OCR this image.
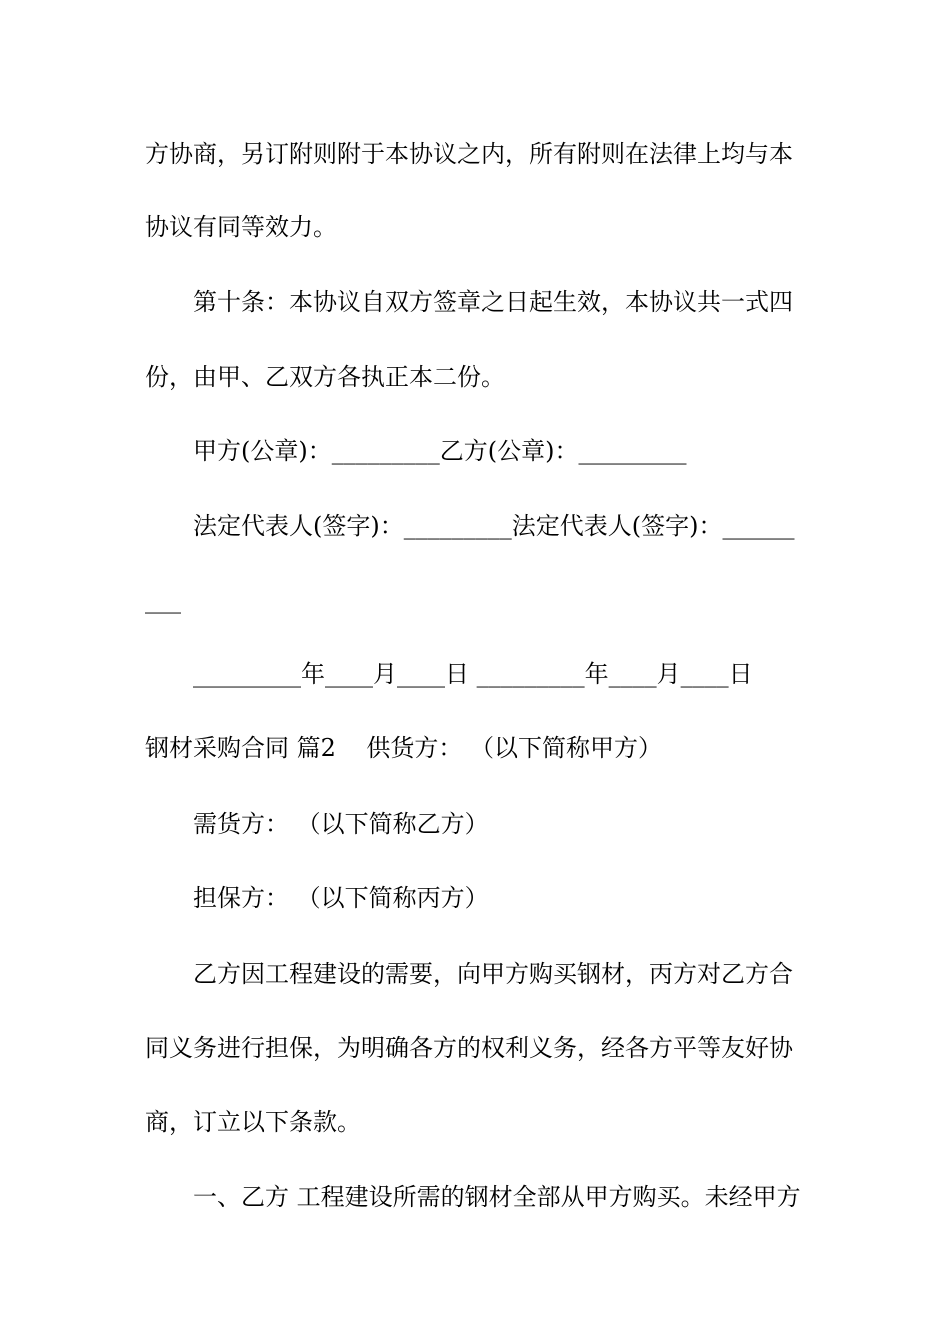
方协商，另订附则附于本协议之内，所有附则在法律上均与本
协议有同等效力。
第十条：本协议自双方签章之日起生效，本协议共一式四
份，由甲、乙双方各执正本二份。
甲方(公章)：_________乙方(公章)：_________
法定代表人(签字)：_________法定代表人(签字)：______
___
_________年____月____日 _________年____月____日
钢材采购合同 篇2    供货方： （以下简称甲方）
需货方： （以下简称乙方）
担保方： （以下简称丙方）
乙方因工程建设的需要，向甲方购买钢材，丙方对乙方合
同义务进行担保，为明确各方的权利义务，经各方平等友好协
商，订立以下条款。
一、乙方 工程建设所需的钢材全部从甲方购买。未经甲方
